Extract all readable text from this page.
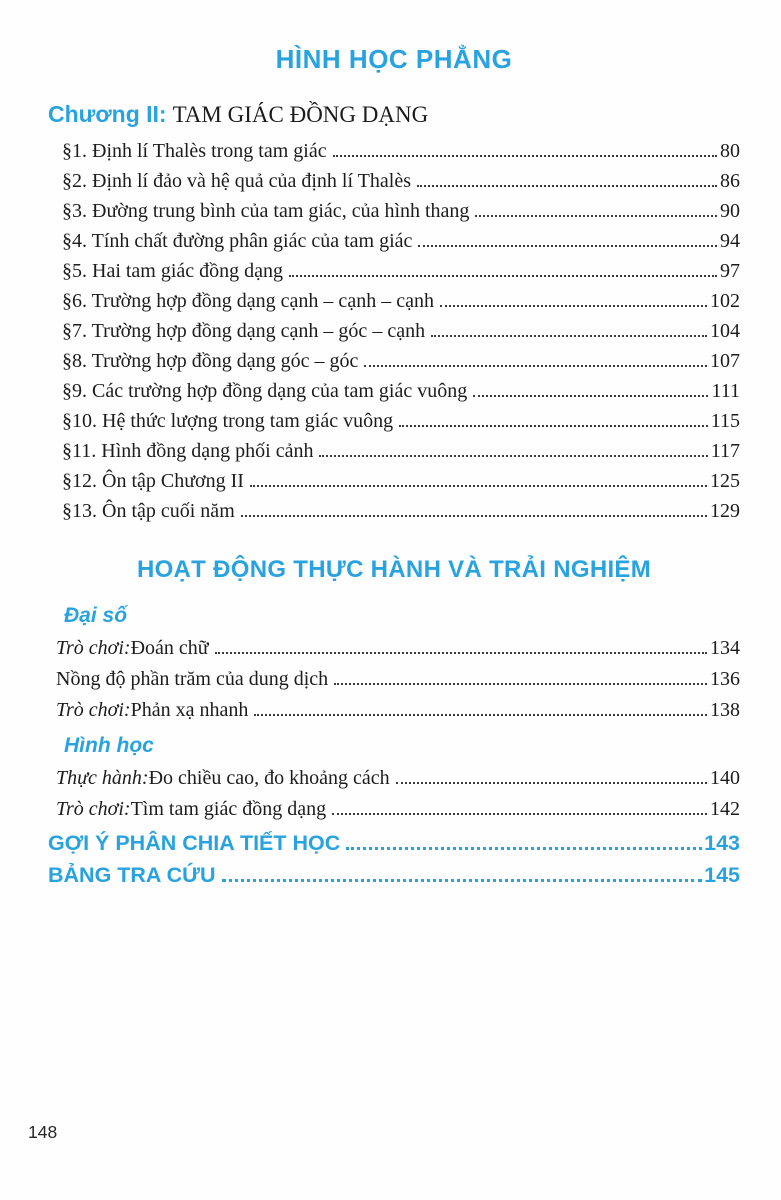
HÌNH HỌC PHẲNG
Chương II: TAM GIÁC ĐỒNG DẠNG
§1. Định lí Thalès trong tam giác	80
§2. Định lí đảo và hệ quả của định lí Thalès	86
§3. Đường trung bình của tam giác, của hình thang	90
§4. Tính chất đường phân giác của tam giác	94
§5. Hai tam giác đồng dạng	97
§6. Trường hợp đồng dạng cạnh – cạnh – cạnh	102
§7. Trường hợp đồng dạng cạnh – góc – cạnh	104
§8. Trường hợp đồng dạng góc – góc	107
§9. Các trường hợp đồng dạng của tam giác vuông	111
§10. Hệ thức lượng trong tam giác vuông	115
§11. Hình đồng dạng phối cảnh	117
§12. Ôn tập Chương II	125
§13. Ôn tập cuối năm	129
HOẠT ĐỘNG THỰC HÀNH VÀ TRẢI NGHIỆM
Đại số
Trò chơi: Đoán chữ	134
Nồng độ phần trăm của dung dịch	136
Trò chơi: Phản xạ nhanh	138
Hình học
Thực hành: Đo chiều cao, đo khoảng cách	140
Trò chơi: Tìm tam giác đồng dạng	142
GỢI Ý PHÂN CHIA TIẾT HỌC	143
BẢNG TRA CỨU	145
148
